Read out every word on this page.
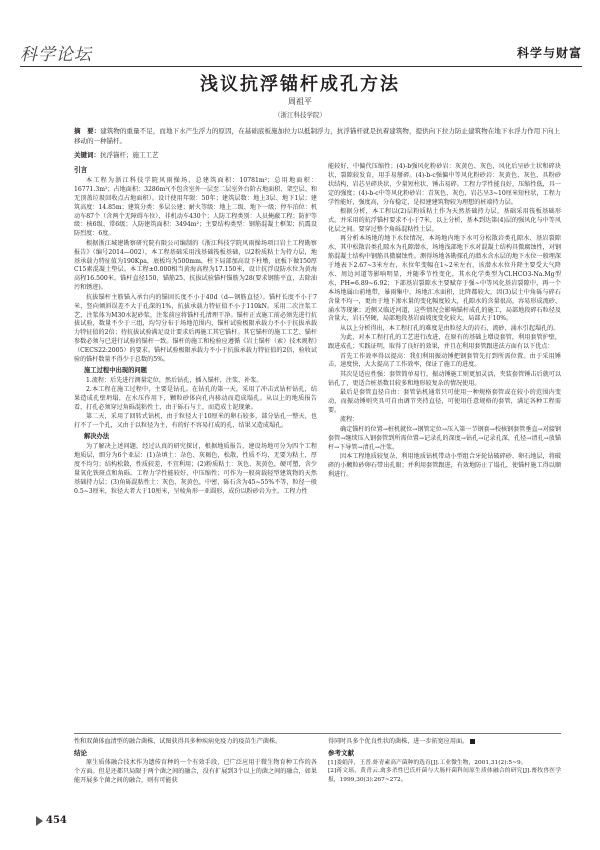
科学论坛	科学与财富
浅议抗浮锚杆成孔方法
周祖平
（浙江科技学院）
摘　要：建筑物的重量不足，而地下水产生浮力的原因，在基础底板施加拉力以抵制浮力，抗浮锚杆就是抗着建筑物，提供向下拉力防止建筑物在地下水浮力作用下向上移动的一种锚杆。
关键词：抗浮锚杆；施工工艺
引言

本工程为浙江科技学院风雨操场，总建筑面积：10781m²；总用地面积：16771.3m²；占地面积：3286m²(不包含室外一层至二层室外台阶占地面积、架空层、和无顶盖垃圾回收点占地面积）。设计使用年限：50年；建筑层数：地上3层、地下1层；建筑高度：14.85m；建筑分类：多层公建；耐火等级：地上二级、地下一级；停车泊位：机动车87个（含两个无障碍车位）、非机动车430个；人防工程类别：人员掩蔽工程；防护等级：核6级、常6级；人防建筑面积：3494m²；主要结构类型：钢筋混凝土框架；抗震设防烈度：6度。

根据浙江城建勘察研究院有限公司编制的《浙江科技学院风雨操场项目岩土工程勘察报告》（编号2014—002），本工程基础采用浅基础筏板基础，以2粉质粘土为持力层，地基承载力特征值为190Kpa，底板均为500mm，柱下局部加高设下柱墩，底板下做150厚C15素混凝土垫层。本工程±0.000相当黄海高程为17.150米，设计抗浮设防水位为黄海高程16.500米。锚杆直径150，锚筋25，抗拔试验锚杆锚筋为28(要求钢筋平直，去除油污和锈迹)。

抗拔锚杆主筋锚入承台内的锚固长度不小于40d（d—钢筋直径）。锚杆长度不小于7米，竖向倾斜误差不大于孔深的1%，抗拔承载力特征值不小于110kN。采用二次注浆工艺，注浆体为M30水泥砂浆，注浆前应将锚杆孔清理干净。锚杆正式施工前必须先进行抗拔试验，数量不少于三组，均匀分布于场地范围内，锚杆试验极限承载力不小于抗拔承载力特征值的2倍；待抗拔试验满足设计要求后再施工其它锚杆。其它锚杆的施工工艺、锚杆参数必须与已进行试验的锚杆一致。锚杆的施工和检验应遵循《岩土锚杆（索）技术规程》（CECS22:2005）的要求。锚杆试验极限承载力不小于抗拔承载力特征值的2倍，验收试验的锚杆数量不得少于总数的5%。

施工过程中出现的问题

1.流程：后先进行测量定位，然后钻孔，插入锚杆，注浆，补浆。

2.本工程在施工过程中，主要是钻孔。在钻孔的第一天，采用了冲击式钻杆钻孔，结果造成孔壁坍塌，在水压作用下，颗粒砂体向孔内移动而造成塌孔。从以上的地质报告看，打孔必须穿过角砾混粘性土，由于砾石与土，而造成土泥现象。

第二天，采用了回转式钻机，由于粒径大于10厘米的卵石较多，部分钻孔一整天，也打不了一个孔，又由于以粒径为主，有的好不容易打成的孔，结果又造成塌孔。

解决办法

为了解决上述问题，经过认真的研究探讨，根据地质报告，建设场地可分为四个工程地质层，细分为6个亚层：(1)杂填土：杂色、灰褐色，松散，性质不均，无要为粘土，厚度不均匀；结构松散，性质较差，不宜利用；(2)粉质粘土：灰色、灰黄色，硬可塑，含少量氧化铁斑点和角砾。工程力学性能较好，中压缩性；可作为一般荷载轻型建筑物的天然基础持力层；(3)角砾混粘性土：灰色、灰黄色，中密，砾石含为45~55%不等，粒径一般0.5~3厘米，粒径大者大于10厘米，呈棱角形一亚圆形，成份以粉砂岩为主。工程力性

能较好，中偏代压缩性；(4)-b强风化粉砂岩：灰黄色、灰色，风化后呈砂土状和碎块状，裂隙较发育，用手易掰碎。(4)-b-c强偏中等风化粉砂岩：灰黄色、灰色，具粉砂状结构，岩芯呈碎块状，少量短柱状，锤击易碎。工程力学性能良好，压缩性低，具一定的强度；(4)-b-c中等风化粉砂岩：青灰色、灰色，岩芯呈3~10厘米短柱状，工程力学性能好，强度高，分布稳定，是拟建建筑物较为理想的桩端持力层。

根据分析，本工程以(2)层粉质粘土作为天然基础持力层，基础采用筏板基础形式。并采用的抗浮锚杆要求不小于7米，以上分析，基本到达第(4)层的强风化与中等风化层之间。要穿过整个角砾混粘性土层。

再分析本场地的地下水位情况，本场地内地下水可分松散岩类孔隙水、基岩裂隙水，其中松散岩类孔隙水为孔隙潜水，场地浅部地下水对混凝土结构具微腐蚀性，对钢筋混凝土结构中钢筋具微腐蚀性。测得场地各勘探孔的潜水含水层的地下水位一般埋深于地表下2.67~3米左右，水位年变幅在1~2米左右，该潜水水位升降主要受大气降水、周边河道等影响明显，并随季节性变化，其水化学类型为Cl.HCO3-Na.Mg型水，PH=6.89~6.92；下部基岩裂隙水主要赋存于强~中等风化基岩裂隙中，再一个本场地属山前地带，暴雨集中，场地汇水面积，比降都较大，因(3)层土中角砾与碎石含量不均一，更由于地下渗水量的变化幅度较大，孔隙水的含量很高，容易形成流砂、涌水等现象；近侧又临近河道，这些情况会影响锚杆成孔的施工，局部地段碎石粒径及含量大，岩石坚硬，局部地段基岩面坡度变化较大，局部大于10%。

从以上分析得出，本工程打孔的难度是由粒径大的岩石，流砂、涌水引起塌孔的。

为此，对本工程打孔的工艺进行改进，在原有的基础上增设套管，利用套管护壁，跟进成孔；实践证明，取得了良好的效果，并且在利用套管跟进法方面有以下优点：

首先工作效率得以提高：我们利用振动锤把钢套管先打到所需位置。由于采用锤击，速度快，大大提高了工作效率，保证了施工的进度。

其次是适应性强：套管简单易行，振动锤施工则更加灵活，夹装套管锤击后就可以钻孔了，更适合桩基数目较多和地形较复杂的情况使用。

最后是套管直径自由：套管钻机通常只可使用一种规格套管或在较小的范围内变动，而振动锤则夹具可自由调节夹持直径，可使用任意规格的套管，满足各种工程需要。

流程：

确定锚杆的位置→桩机就位→钢管定位→压入第一节钢套→校核钢套管垂直→对接钢套管→继续压入钢套管到所需位置→记录孔的深度→钻孔→记录孔深，孔径→清孔→放锚杆→下导管→清孔→注浆。

因本工程地质较复杂，利用地质钻机带动小型组合牙轮钻破碎砂、卵石地层，将破碎的小颗粒砂卵石带出孔眼；并利用套管跟进，有效地防止了塌孔，使锚杆施工得以顺利进行。

性和双菌体血清型的融合菌株，试图获得具多种疾病免疫力的疫苗生产菌株。

结论

原生质体融合技术作为遗传育种的一个有效手段，已广泛应用于微生物育种工作的各个方面。但是还都只局限于两个菌之间的融合，没有扩展到3个以上的菌之间的融合，如果能开展多个菌之间的融合，则有可能获

得同时具多个优良性状的菌株，进一步拓宽应用面。

参考文献

[1]娄娟萍，王普.虾青素高产菌种的选育[J].工业微生物，2001,31(2):5~9。

[2]蒋文瑶，黄青云.禽多杀性巴氏杆菌与大肠杆菌科间原生质体融合的研究[J].畜牧兽医学报，1999,30(3):267~272。

454
